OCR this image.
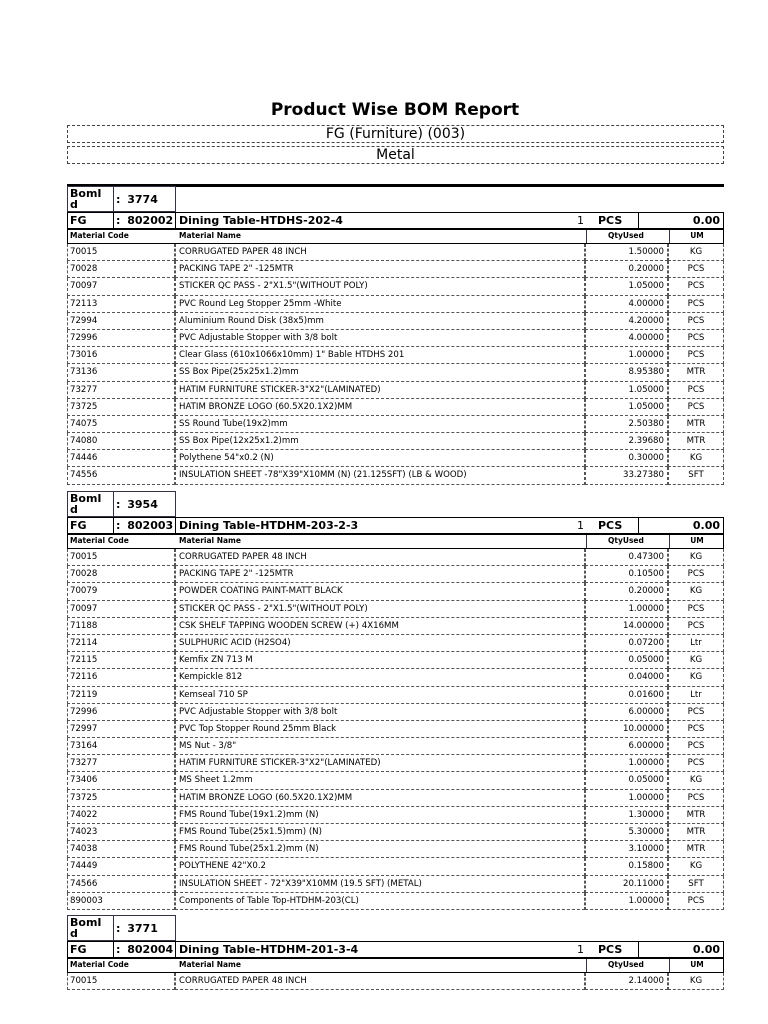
Product Wise BOM Report
FG (Furniture) (003)
Metal
BomI d	: 3774
FG	: 802002 Dining Table-HTDHS-202-4	1 PCS	0.00
Material Code	Material Name	QtyUsed	UM
70015	CORRUGATED PAPER 48 INCH	1.50000	KG
70028	PACKING TAPE 2" -125MTR	0.20000	PCS
70097	STICKER QC PASS - 2"X1.5"(WITHOUT POLY)	1.05000	PCS
72113	PVC Round Leg Stopper 25mm -White	4.00000	PCS
72994	Aluminium Round Disk (38x5)mm	4.20000	PCS
72996	PVC Adjustable Stopper with 3/8 bolt	4.00000	PCS
73016	Clear Glass (610x1066x10mm) 1" Bable HTDHS 201	1.00000	PCS
73136	SS Box Pipe(25x25x1.2)mm	8.95380	MTR
73277	HATIM FURNITURE STICKER-3"X2"(LAMINATED)	1.05000	PCS
73725	HATIM BRONZE LOGO (60.5X20.1X2)MM	1.05000	PCS
74075	SS Round Tube(19x2)mm	2.50380	MTR
74080	SS Box Pipe(12x25x1.2)mm	2.39680	MTR
74446	Polythene 54"x0.2 (N)	0.30000	KG
74556	INSULATION SHEET -78"X39"X10MM (N) (21.125SFT) (LB & WOOD)	33.27380	SFT
BomI d	: 3954
FG	: 802003 Dining Table-HTDHM-203-2-3	1 PCS	0.00
Material Code	Material Name	QtyUsed	UM
70015	CORRUGATED PAPER 48 INCH	0.47300	KG
70028	PACKING TAPE 2" -125MTR	0.10500	PCS
70079	POWDER COATING PAINT-MATT BLACK	0.20000	KG
70097	STICKER QC PASS - 2"X1.5"(WITHOUT POLY)	1.00000	PCS
71188	CSK SHELF TAPPING WOODEN SCREW (+) 4X16MM	14.00000	PCS
72114	SULPHURIC ACID (H2SO4)	0.07200	Ltr
72115	Kemfix ZN 713 M	0.05000	KG
72116	Kempickle 812	0.04000	KG
72119	Kemseal 710 SP	0.01600	Ltr
72996	PVC Adjustable Stopper with 3/8 bolt	6.00000	PCS
72997	PVC Top Stopper Round 25mm Black	10.00000	PCS
73164	MS Nut - 3/8"	6.00000	PCS
73277	HATIM FURNITURE STICKER-3"X2"(LAMINATED)	1.00000	PCS
73406	MS Sheet 1.2mm	0.05000	KG
73725	HATIM BRONZE LOGO (60.5X20.1X2)MM	1.00000	PCS
74022	FMS Round Tube(19x1.2)mm (N)	1.30000	MTR
74023	FMS Round Tube(25x1.5)mm) (N)	5.30000	MTR
74038	FMS Round Tube(25x1.2)mm (N)	3.10000	MTR
74449	POLYTHENE 42"X0.2	0.15800	KG
74566	INSULATION SHEET - 72"X39"X10MM (19.5 SFT) (METAL)	20.11000	SFT
890003	Components of Table Top-HTDHM-203(CL)	1.00000	PCS
BomI d	: 3771
FG	: 802004 Dining Table-HTDHM-201-3-4	1 PCS	0.00
Material Code	Material Name	QtyUsed	UM
70015	CORRUGATED PAPER 48 INCH	2.14000	KG
